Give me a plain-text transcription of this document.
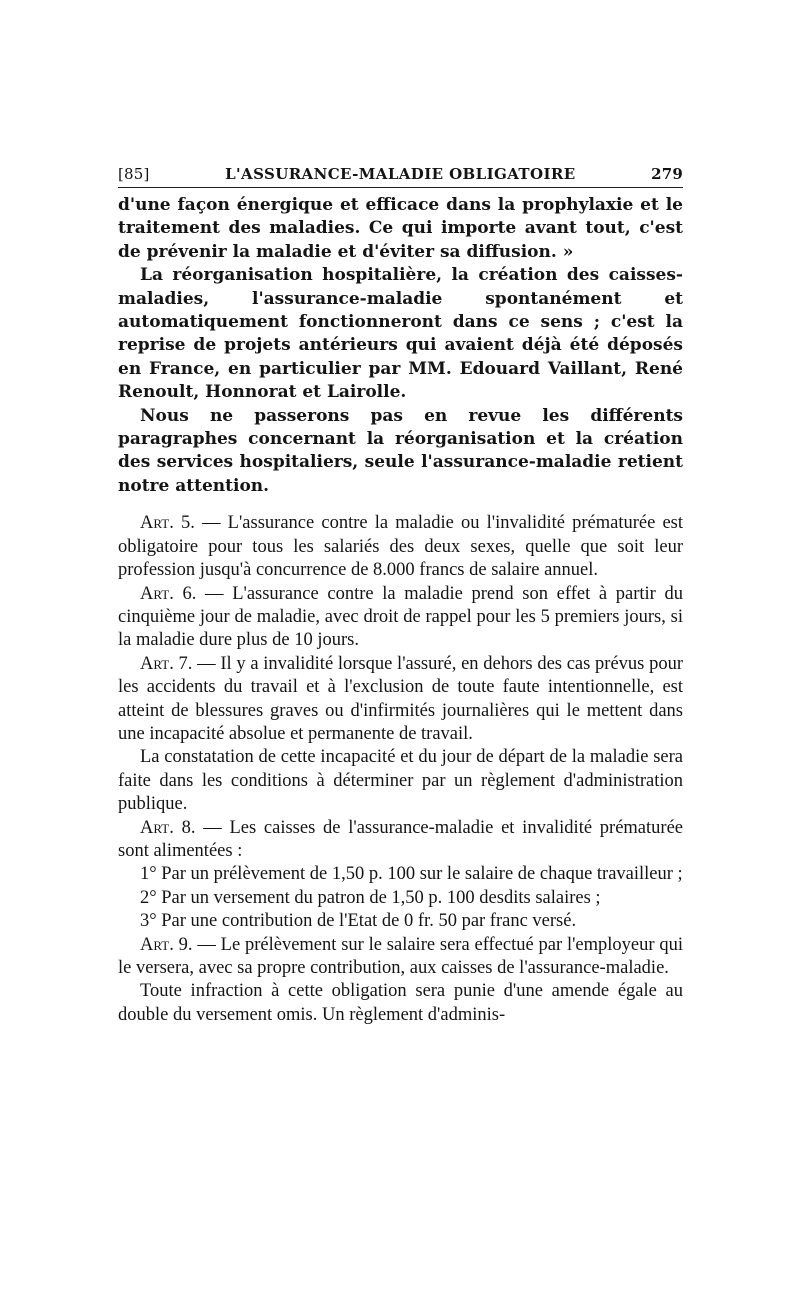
[85]	L'ASSURANCE-MALADIE OBLIGATOIRE	279

d'une façon énergique et efficace dans la prophylaxie et le traitement des maladies. Ce qui importe avant tout, c'est de prévenir la maladie et d'éviter sa diffusion. »

La réorganisation hospitalière, la création des caisses-maladies, l'assurance-maladie spontanément et automatiquement fonctionneront dans ce sens ; c'est la reprise de projets antérieurs qui avaient déjà été déposés en France, en particulier par MM. Edouard Vaillant, René Renoult, Honnorat et Lairolle.

Nous ne passerons pas en revue les différents paragraphes concernant la réorganisation et la création des services hospitaliers, seule l'assurance-maladie retient notre attention.

Art. 5. — L'assurance contre la maladie ou l'invalidité prématurée est obligatoire pour tous les salariés des deux sexes, quelle que soit leur profession jusqu'à concurrence de 8.000 francs de salaire annuel.

Art. 6. — L'assurance contre la maladie prend son effet à partir du cinquième jour de maladie, avec droit de rappel pour les 5 premiers jours, si la maladie dure plus de 10 jours.

Art. 7. — Il y a invalidité lorsque l'assuré, en dehors des cas prévus pour les accidents du travail et à l'exclusion de toute faute intentionnelle, est atteint de blessures graves ou d'infirmités journalières qui le mettent dans une incapacité absolue et permanente de travail.

La constatation de cette incapacité et du jour de départ de la maladie sera faite dans les conditions à déterminer par un règlement d'administration publique.

Art. 8. — Les caisses de l'assurance-maladie et invalidité prématurée sont alimentées :

1° Par un prélèvement de 1,50 p. 100 sur le salaire de chaque travailleur ;

2° Par un versement du patron de 1,50 p. 100 desdits salaires ;

3° Par une contribution de l'Etat de 0 fr. 50 par franc versé.

Art. 9. — Le prélèvement sur le salaire sera effectué par l'employeur qui le versera, avec sa propre contribution, aux caisses de l'assurance-maladie.

Toute infraction à cette obligation sera punie d'une amende égale au double du versement omis. Un règlement d'adminis-
